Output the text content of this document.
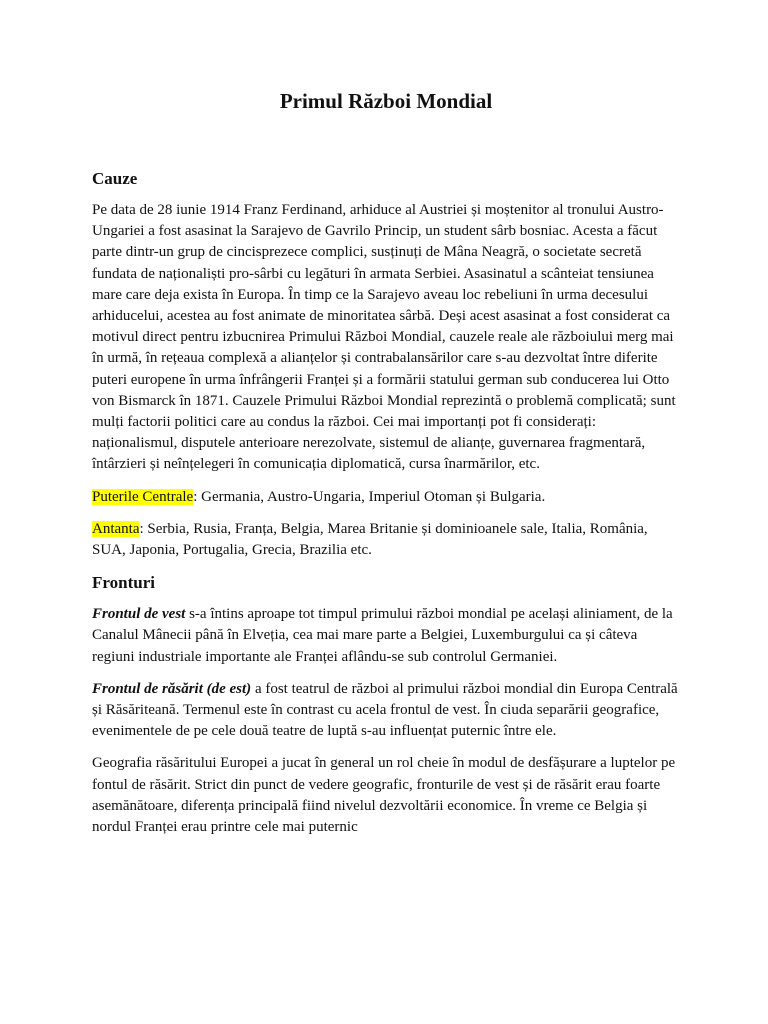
Primul Război Mondial
Cauze

Pe data de 28 iunie 1914 Franz Ferdinand, arhiduce al Austriei și moștenitor al tronului Austro-Ungariei a fost asasinat la Sarajevo de Gavrilo Princip, un student sârb bosniac. Acesta a făcut parte dintr-un grup de cincisprezece complici, susținuți de Mâna Neagră, o societate secretă fundata de naționaliști pro-sârbi cu legături în armata Serbiei. Asasinatul a scânteiat tensiunea mare care deja exista în Europa. În timp ce la Sarajevo aveau loc rebeliuni în urma decesului arhiducelui, acestea au fost animate de minoritatea sârbă. Deși acest asasinat a fost considerat ca motivul direct pentru izbucnirea Primului Război Mondial, cauzele reale ale războiului merg mai în urmă, în rețeaua complexă a alianțelor și contrabalansărilor care s-au dezvoltat între diferite puteri europene în urma înfrângerii Franței și a formării statului german sub conducerea lui Otto von Bismarck în 1871. Cauzele Primului Război Mondial reprezintă o problemă complicată; sunt mulți factorii politici care au condus la război. Cei mai importanți pot fi considerați: naționalismul, disputele anterioare nerezolvate, sistemul de alianțe, guvernarea fragmentară, întârzieri și neînțelegeri în comunicația diplomatică, cursa înarmărilor, etc.

Puterile Centrale: Germania, Austro-Ungaria, Imperiul Otoman și Bulgaria.

Antanta: Serbia, Rusia, Franța, Belgia, Marea Britanie și dominioanele sale, Italia, România, SUA, Japonia, Portugalia, Grecia, Brazilia etc.

Fronturi

Frontul de vest s-a întins aproape tot timpul primului război mondial pe același aliniament, de la Canalul Mânecii până în Elveția, cea mai mare parte a Belgiei, Luxemburgului ca și câteva regiuni industriale importante ale Franței aflându-se sub controlul Germaniei.

Frontul de răsărit (de est) a fost teatrul de război al primului război mondial din Europa Centrală și Răsăriteană. Termenul este în contrast cu acela frontul de vest. În ciuda separării geografice, evenimentele de pe cele două teatre de luptă s-au influențat puternic între ele.

Geografia răsăritului Europei a jucat în general un rol cheie în modul de desfășurare a luptelor pe fontul de răsărit. Strict din punct de vedere geografic, fronturile de vest și de răsărit erau foarte asemănătoare, diferența principală fiind nivelul dezvoltării economice. În vreme ce Belgia și nordul Franței erau printre cele mai puternic
